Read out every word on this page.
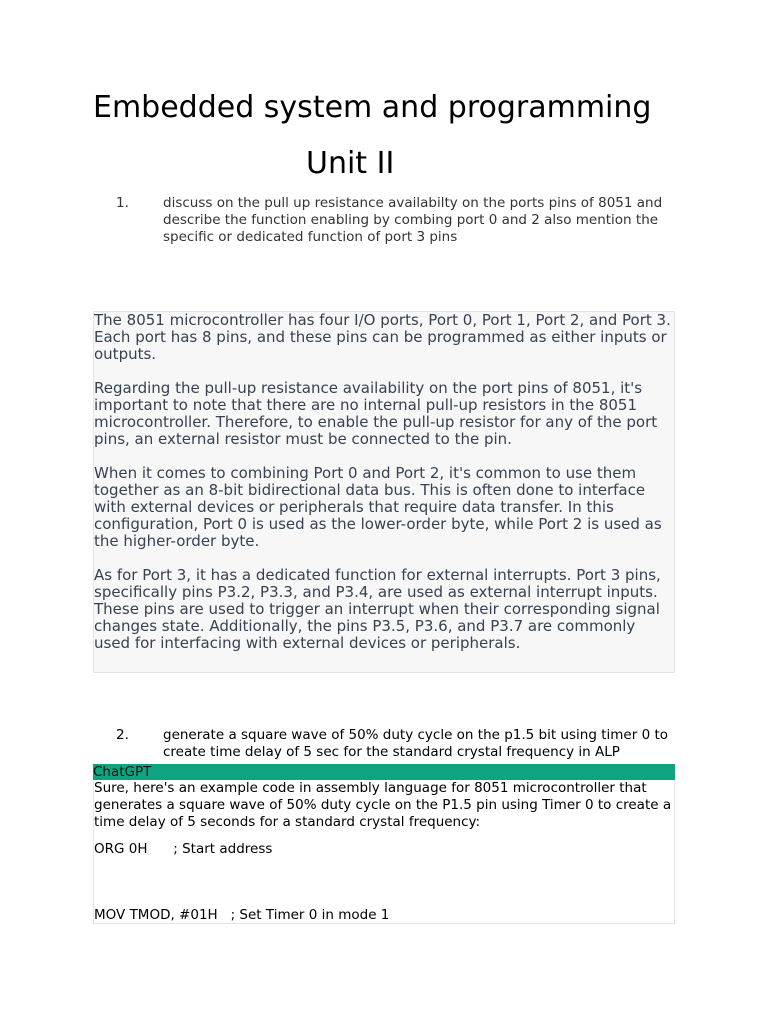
Embedded system and programming
Unit II
1.	discuss on the pull up resistance availabilty on the ports pins of 8051 and describe the function enabling by combing port 0 and 2 also mention the specific or dedicated function of port 3 pins

The 8051 microcontroller has four I/O ports, Port 0, Port 1, Port 2, and Port 3. Each port has 8 pins, and these pins can be programmed as either inputs or outputs.

Regarding the pull-up resistance availability on the port pins of 8051, it's important to note that there are no internal pull-up resistors in the 8051 microcontroller. Therefore, to enable the pull-up resistor for any of the port pins, an external resistor must be connected to the pin.

When it comes to combining Port 0 and Port 2, it's common to use them together as an 8-bit bidirectional data bus. This is often done to interface with external devices or peripherals that require data transfer. In this configuration, Port 0 is used as the lower-order byte, while Port 2 is used as the higher-order byte.

As for Port 3, it has a dedicated function for external interrupts. Port 3 pins, specifically pins P3.2, P3.3, and P3.4, are used as external interrupt inputs. These pins are used to trigger an interrupt when their corresponding signal changes state. Additionally, the pins P3.5, P3.6, and P3.7 are commonly used for interfacing with external devices or peripherals.

2.	generate a square wave of 50% duty cycle on the p1.5 bit using timer 0 to create time delay of 5 sec for the standard crystal frequency in ALP
ChatGPT

Sure, here's an example code in assembly language for 8051 microcontroller that generates a square wave of 50% duty cycle on the P1.5 pin using Timer 0 to create a time delay of 5 seconds for a standard crystal frequency:

ORG 0H      ; Start address
MOV TMOD, #01H   ; Set Timer 0 in mode 1
